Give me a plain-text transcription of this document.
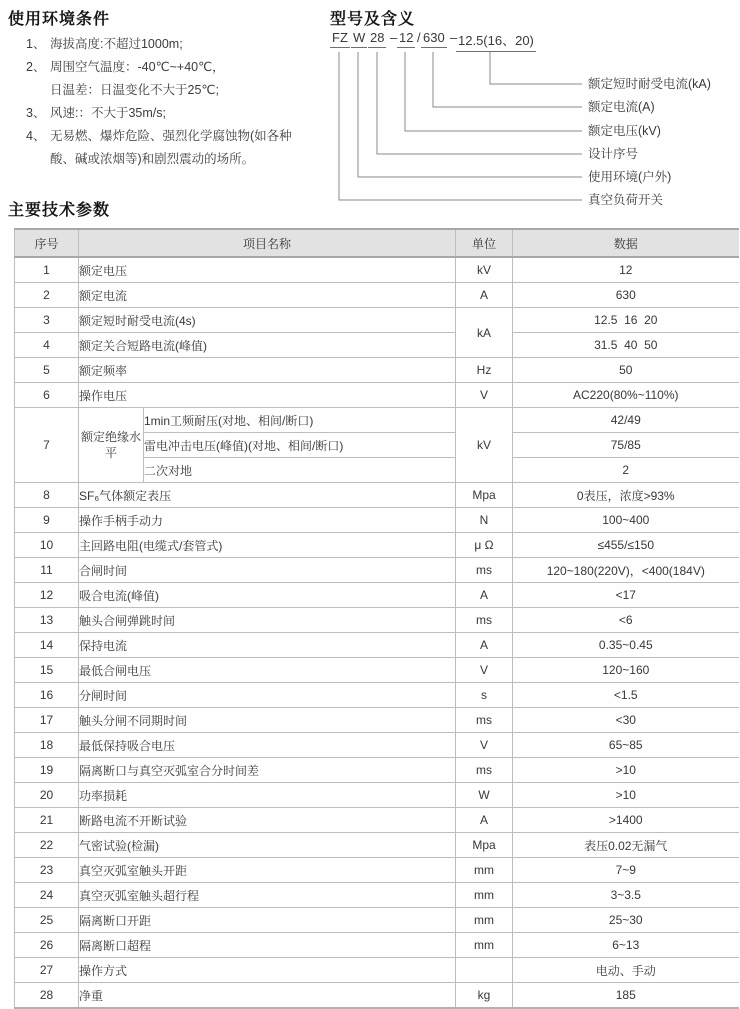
使用环境条件
1、 海拔高度:不超过1000m;
2、 周围空气温度：-40℃~+40℃，
日温差：日温变化不大于25℃;
3、 风速:：不大于35m/s;
4、 无易燃、爆炸危险、强烈化学腐蚀物(如各种
酸、碱或浓烟等)和剧烈震动的场所。
型号及含义
FZ W 28 – 12 / 630 – 12.5(16、20)
额定短时耐受电流(kA)
额定电流(A)
额定电压(kV)
设计序号
使用环境(户外)
真空负荷开关
主要技术参数
序号	项目名称		单位	数据
1	额定电压		kV	12
2	额定电流		A	630
3	额定短时耐受电流(4s)		kA	12.5  16  20
4	额定关合短路电流(峰值)			31.5  40  50
5	额定频率		Hz	50
6	操作电压		V	AC220(80%~110%)
7	额定绝缘水平	1min工频耐压(对地、相间/断口)	kV	42/49
		雷电冲击电压(峰值)(对地、相间/断口)		75/85
		二次对地		2
8	SF₆气体额定表压		Mpa	0表压，浓度>93%
9	操作手柄手动力		N	100~400
10	主回路电阻(电缆式/套管式)		μ Ω	≤455/≤150
11	合闸时间		ms	120~180(220V)，<400(184V)
12	吸合电流(峰值)		A	<17
13	触头合闸弹跳时间		ms	<6
14	保持电流		A	0.35~0.45
15	最低合闸电压		V	120~160
16	分闸时间		s	<1.5
17	触头分闸不同期时间		ms	<30
18	最低保持吸合电压		V	65~85
19	隔离断口与真空灭弧室合分时间差		ms	>10
20	功率损耗		W	>10
21	断路电流不开断试验		A	>1400
22	气密试验(检漏)		Mpa	表压0.02无漏气
23	真空灭弧室触头开距		mm	7~9
24	真空灭弧室触头超行程		mm	3~3.5
25	隔离断口开距		mm	25~30
26	隔离断口超程		mm	6~13
27	操作方式			电动、手动
28	净重		kg	185
